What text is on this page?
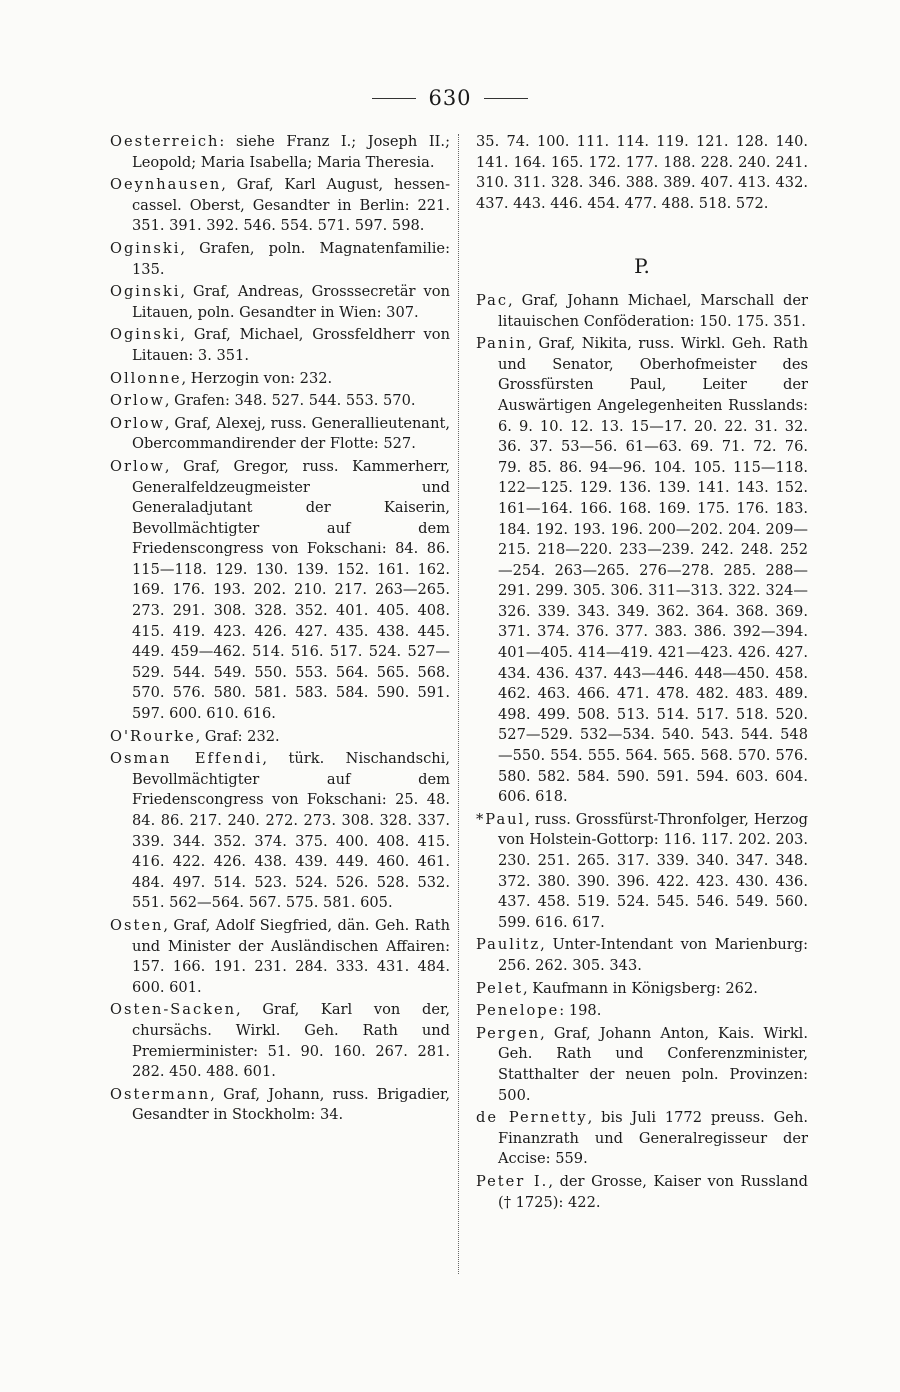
630
Oesterreich: siehe Franz I.; Joseph II.; Leopold; Maria Isabella; Maria Theresia.
Oeynhausen, Graf, Karl August, hessen-cassel. Oberst, Gesandter in Berlin: 221. 351. 391. 392. 546. 554. 571. 597. 598.
Oginski, Grafen, poln. Magnatenfamilie: 135.
Oginski, Graf, Andreas, Grosssecretär von Litauen, poln. Gesandter in Wien: 307.
Oginski, Graf, Michael, Grossfeldherr von Litauen: 3. 351.
Ollonne, Herzogin von: 232.
Orlow, Grafen: 348. 527. 544. 553. 570.
Orlow, Graf, Alexej, russ. Generallieutenant, Obercommandirender der Flotte: 527.
Orlow, Graf, Gregor, russ. Kammerherr, Generalfeldzeugmeister und Generaladjutant der Kaiserin, Bevollmächtigter auf dem Friedenscongress von Fokschani: 84. 86. 115—118. 129. 130. 139. 152. 161. 162. 169. 176. 193. 202. 210. 217. 263—265. 273. 291. 308. 328. 352. 401. 405. 408. 415. 419. 423. 426. 427. 435. 438. 445. 449. 459—462. 514. 516. 517. 524. 527—529. 544. 549. 550. 553. 564. 565. 568. 570. 576. 580. 581. 583. 584. 590. 591. 597. 600. 610. 616.
O'Rourke, Graf: 232.
Osman Effendi, türk. Nischandschi, Bevollmächtigter auf dem Friedenscongress von Fokschani: 25. 48. 84. 86. 217. 240. 272. 273. 308. 328. 337. 339. 344. 352. 374. 375. 400. 408. 415. 416. 422. 426. 438. 439. 449. 460. 461. 484. 497. 514. 523. 524. 526. 528. 532. 551. 562—564. 567. 575. 581. 605.
Osten, Graf, Adolf Siegfried, dän. Geh. Rath und Minister der Ausländischen Affairen: 157. 166. 191. 231. 284. 333. 431. 484. 600. 601.
Osten-Sacken, Graf, Karl von der, chursächs. Wirkl. Geh. Rath und Premierminister: 51. 90. 160. 267. 281. 282. 450. 488. 601.
Ostermann, Graf, Johann, russ. Brigadier, Gesandter in Stockholm: 34.
35. 74. 100. 111. 114. 119. 121. 128. 140. 141. 164. 165. 172. 177. 188. 228. 240. 241. 310. 311. 328. 346. 388. 389. 407. 413. 432. 437. 443. 446. 454. 477. 488. 518. 572.
P.
Pac, Graf, Johann Michael, Marschall der litauischen Conföderation: 150. 175. 351.
Panin, Graf, Nikita, russ. Wirkl. Geh. Rath und Senator, Oberhofmeister des Grossfürsten Paul, Leiter der Auswärtigen Angelegenheiten Russlands: 6. 9. 10. 12. 13. 15—17. 20. 22. 31. 32. 36. 37. 53—56. 61—63. 69. 71. 72. 76. 79. 85. 86. 94—96. 104. 105. 115—118. 122—125. 129. 136. 139. 141. 143. 152. 161—164. 166. 168. 169. 175. 176. 183. 184. 192. 193. 196. 200—202. 204. 209—215. 218—220. 233—239. 242. 248. 252—254. 263—265. 276—278. 285. 288—291. 299. 305. 306. 311—313. 322. 324—326. 339. 343. 349. 362. 364. 368. 369. 371. 374. 376. 377. 383. 386. 392—394. 401—405. 414—419. 421—423. 426. 427. 434. 436. 437. 443—446. 448—450. 458. 462. 463. 466. 471. 478. 482. 483. 489. 498. 499. 508. 513. 514. 517. 518. 520. 527—529. 532—534. 540. 543. 544. 548—550. 554. 555. 564. 565. 568. 570. 576. 580. 582. 584. 590. 591. 594. 603. 604. 606. 618.
*Paul, russ. Grossfürst-Thronfolger, Herzog von Holstein-Gottorp: 116. 117. 202. 203. 230. 251. 265. 317. 339. 340. 347. 348. 372. 380. 390. 396. 422. 423. 430. 436. 437. 458. 519. 524. 545. 546. 549. 560. 599. 616. 617.
Paulitz, Unter-Intendant von Marienburg: 256. 262. 305. 343.
Pelet, Kaufmann in Königsberg: 262.
Penelope: 198.
Pergen, Graf, Johann Anton, Kais. Wirkl. Geh. Rath und Conferenzminister, Statthalter der neuen poln. Provinzen: 500.
de Pernetty, bis Juli 1772 preuss. Geh. Finanzrath und Generalregisseur der Accise: 559.
Peter I., der Grosse, Kaiser von Russland († 1725): 422.
